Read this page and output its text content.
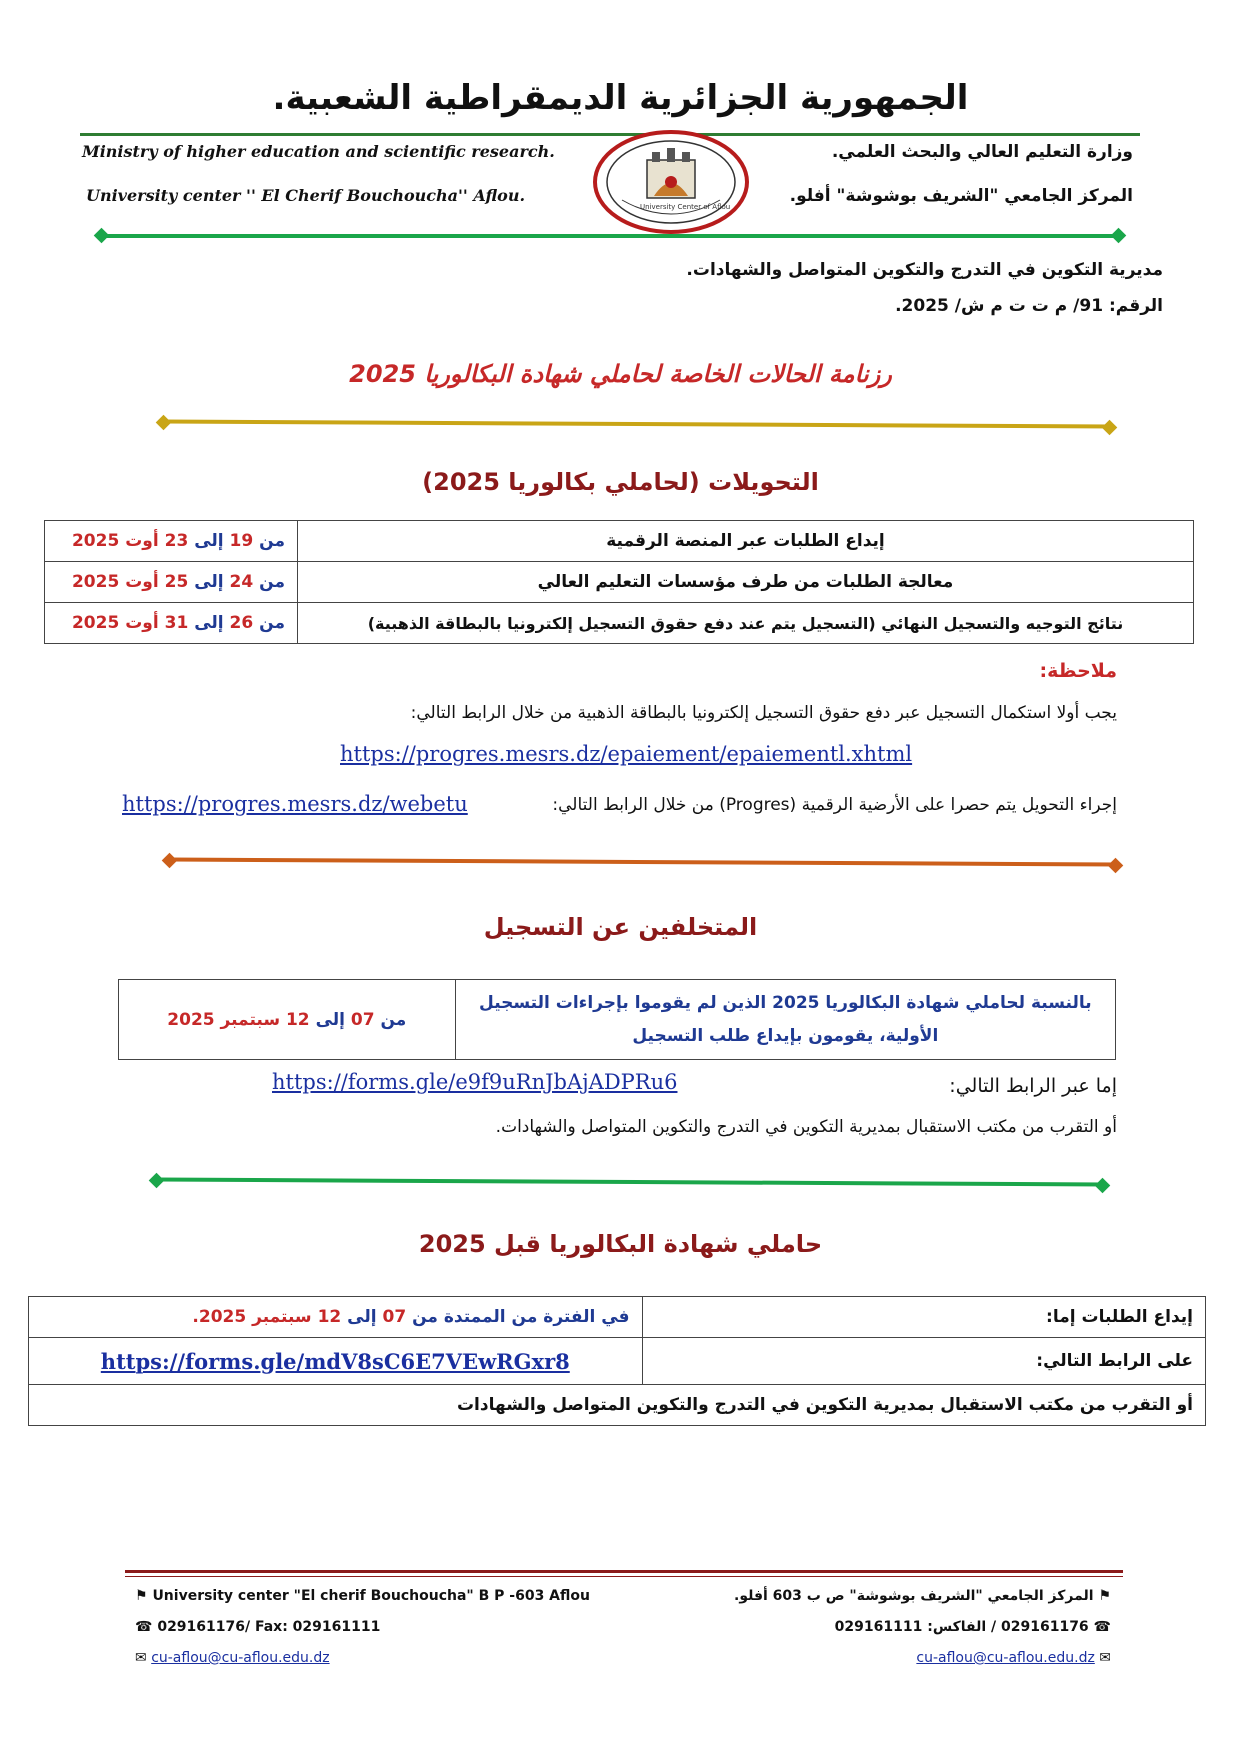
الجمهورية الجزائرية الديمقراطية الشعبية.
Ministry of higher education and scientific research.
University center '' El Cherif Bouchoucha'' Aflou.
وزارة التعليم العالي والبحث العلمي.
المركز الجامعي "الشريف بوشوشة" أفلو.
University Center of Aflou
مديرية التكوين في التدرج والتكوين المتواصل والشهادات.
الرقم: 91/ م ت ت م ش/ 2025.
رزنامة الحالات الخاصة لحاملي شهادة البكالوريا 2025
التحويلات (لحاملي بكالوريا 2025)
إيداع الطلبات عبر المنصة الرقمية	من 19 إلى 23 أوت 2025
معالجة الطلبات من طرف مؤسسات التعليم العالي	من 24 إلى 25 أوت 2025
نتائج التوجيه والتسجيل النهائي (التسجيل يتم عند دفع حقوق التسجيل إلكترونيا بالبطاقة الذهبية)	من 26 إلى 31 أوت 2025
ملاحظة:
يجب أولا استكمال التسجيل عبر دفع حقوق التسجيل إلكترونيا بالبطاقة الذهبية من خلال الرابط التالي:
https://progres.mesrs.dz/epaiement/epaiementl.xhtml
إجراء التحويل يتم حصرا على الأرضية الرقمية (Progres) من خلال الرابط التالي:
https://progres.mesrs.dz/webetu
المتخلفين عن التسجيل
بالنسبة لحاملي شهادة البكالوريا 2025 الذين لم يقوموا بإجراءات التسجيل
الأولية، يقومون بإيداع طلب التسجيل
	من 07 إلى 12 سبتمبر 2025
إما عبر الرابط التالي:
https://forms.gle/e9f9uRnJbAjADPRu6
أو التقرب من مكتب الاستقبال بمديرية التكوين في التدرج والتكوين المتواصل والشهادات.
حاملي شهادة البكالوريا قبل 2025
إيداع الطلبات إما:	في الفترة من الممتدة من 07 إلى 12 سبتمبر 2025.
على الرابط التالي:	https://forms.gle/mdV8sC6E7VEwRGxr8
أو التقرب من مكتب الاستقبال بمديرية التكوين في التدرج والتكوين المتواصل والشهادات	
⚑ University center "El cherif Bouchoucha" B P -603 Aflou	⚑ المركز الجامعي "الشريف بوشوشة" ص ب 603 أفلو.
☎ 029161176/ Fax: 029161111	☎ 029161176 / الفاكس: 029161111
✉ cu-aflou@cu-aflou.edu.dz	cu-aflou@cu-aflou.edu.dz ✉
